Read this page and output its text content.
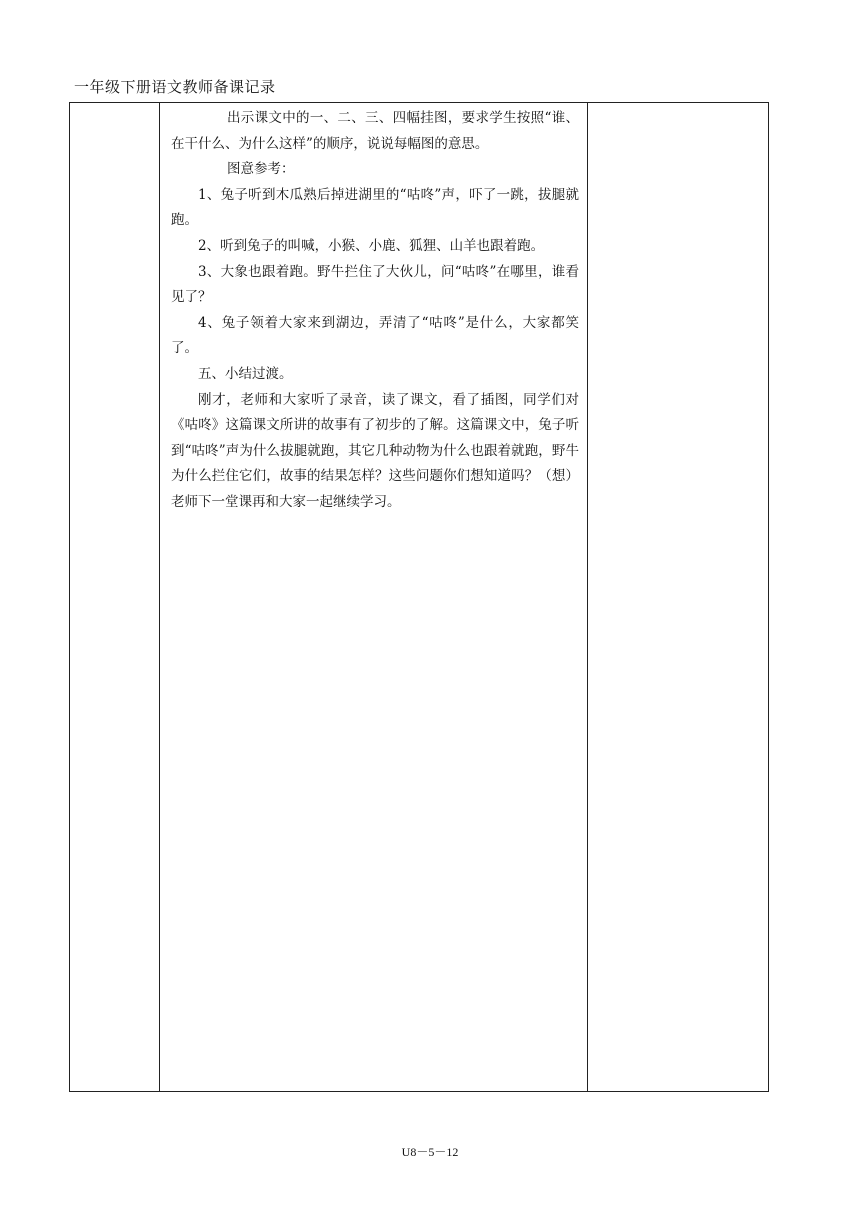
一年级下册语文教师备课记录

出示课文中的一、二、三、四幅挂图，要求学生按照“谁、在干什么、为什么这样”的顺序，说说每幅图的意思。

图意参考：

1、兔子听到木瓜熟后掉进湖里的“咕咚”声，吓了一跳，拔腿就跑。

2、听到兔子的叫喊，小猴、小鹿、狐狸、山羊也跟着跑。

3、大象也跟着跑。野牛拦住了大伙儿，问“咕咚”在哪里，谁看见了？

4、兔子领着大家来到湖边，弄清了“咕咚”是什么，大家都笑了。

五、小结过渡。

刚才，老师和大家听了录音，读了课文，看了插图，同学们对《咕咚》这篇课文所讲的故事有了初步的了解。这篇课文中，兔子听到“咕咚”声为什么拔腿就跑，其它几种动物为什么也跟着就跑，野牛为什么拦住它们，故事的结果怎样？这些问题你们想知道吗？（想）老师下一堂课再和大家一起继续学习。

U8－5－12
